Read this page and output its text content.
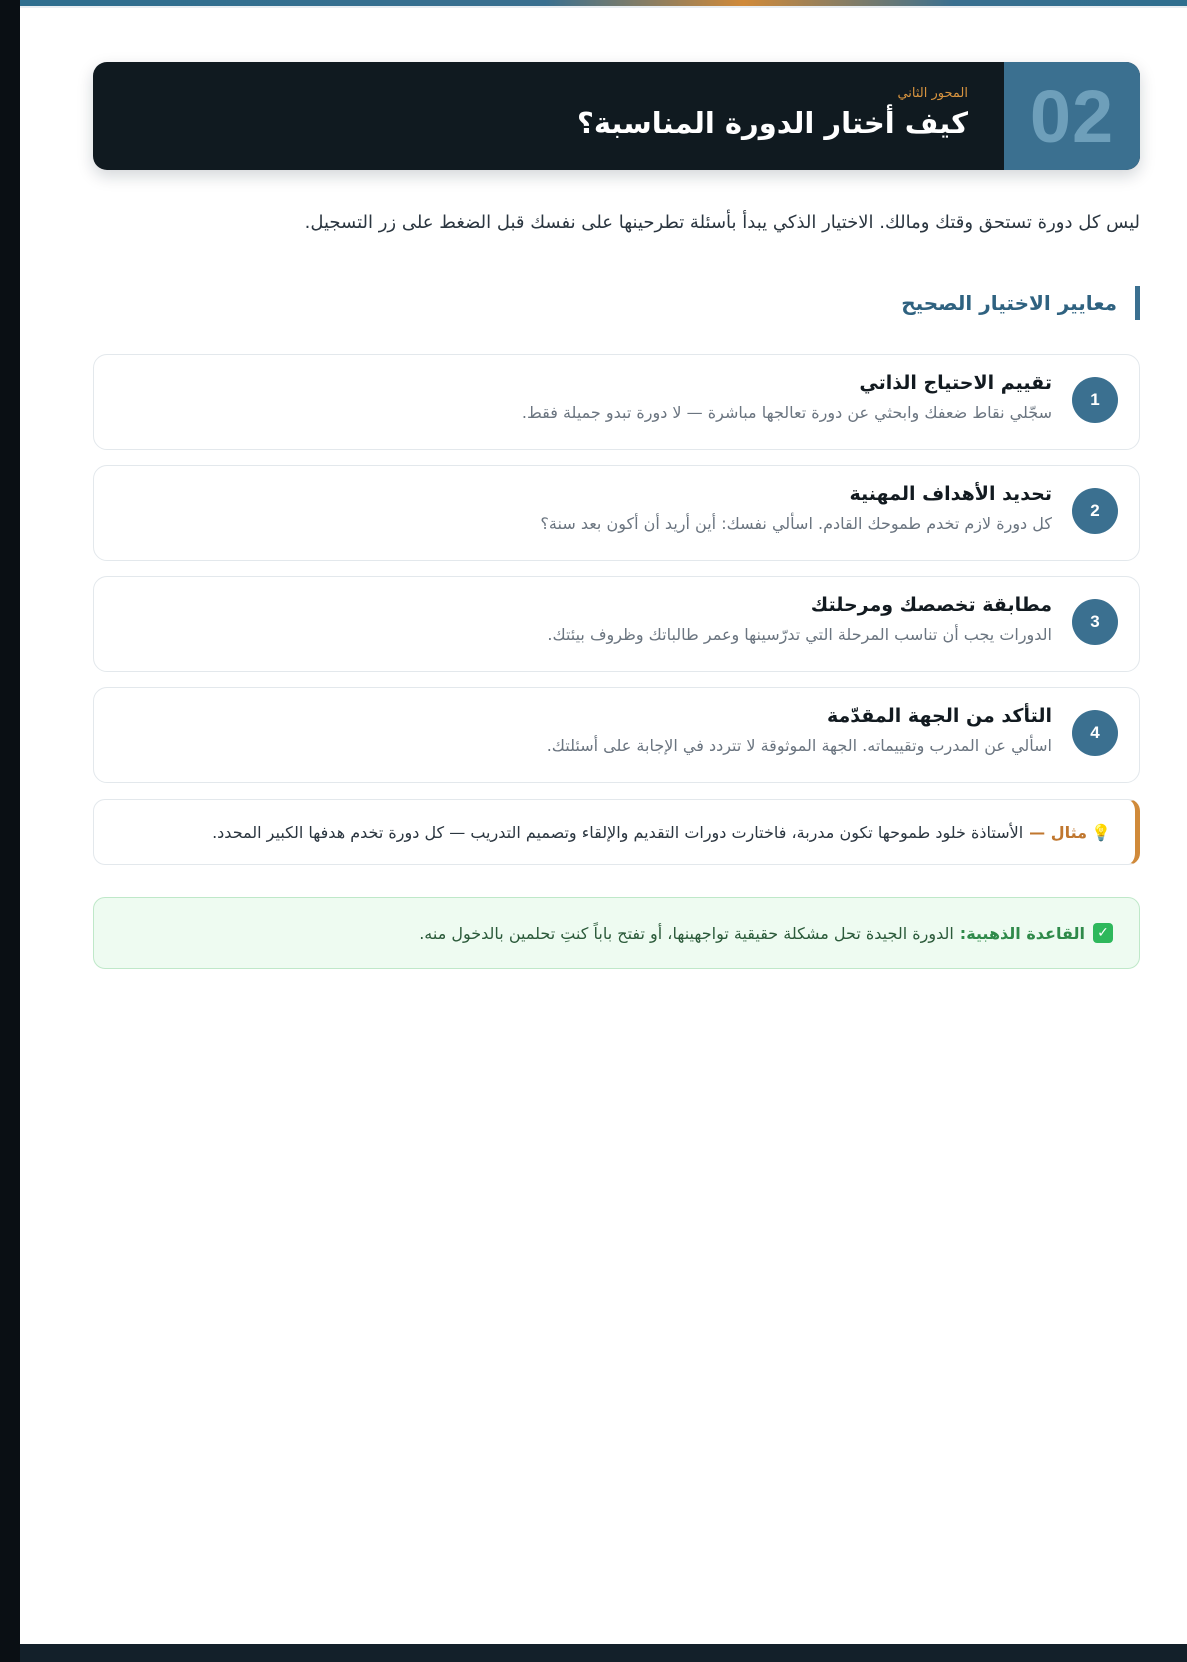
02
المحور الثاني
كيف أختار الدورة المناسبة؟

ليس كل دورة تستحق وقتك ومالك. الاختيار الذكي يبدأ بأسئلة تطرحينها على نفسك قبل الضغط على زر التسجيل.

معايير الاختيار الصحيح
1
تقييم الاحتياج الذاتي
سجّلي نقاط ضعفك وابحثي عن دورة تعالجها مباشرة — لا دورة تبدو جميلة فقط.
2
تحديد الأهداف المهنية
كل دورة لازم تخدم طموحك القادم. اسألي نفسك: أين أريد أن أكون بعد سنة؟
3
مطابقة تخصصك ومرحلتك
الدورات يجب أن تناسب المرحلة التي تدرّسينها وعمر طالباتك وظروف بيئتك.
4
التأكد من الجهة المقدّمة
اسألي عن المدرب وتقييماته. الجهة الموثوقة لا تتردد في الإجابة على أسئلتك.
💡
مثال —
الأستاذة خلود طموحها تكون مدربة، فاختارت دورات التقديم والإلقاء وتصميم التدريب — كل دورة تخدم هدفها الكبير المحدد.
✓
القاعدة الذهبية:
الدورة الجيدة تحل مشكلة حقيقية تواجهينها، أو تفتح باباً كنتِ تحلمين بالدخول منه.
